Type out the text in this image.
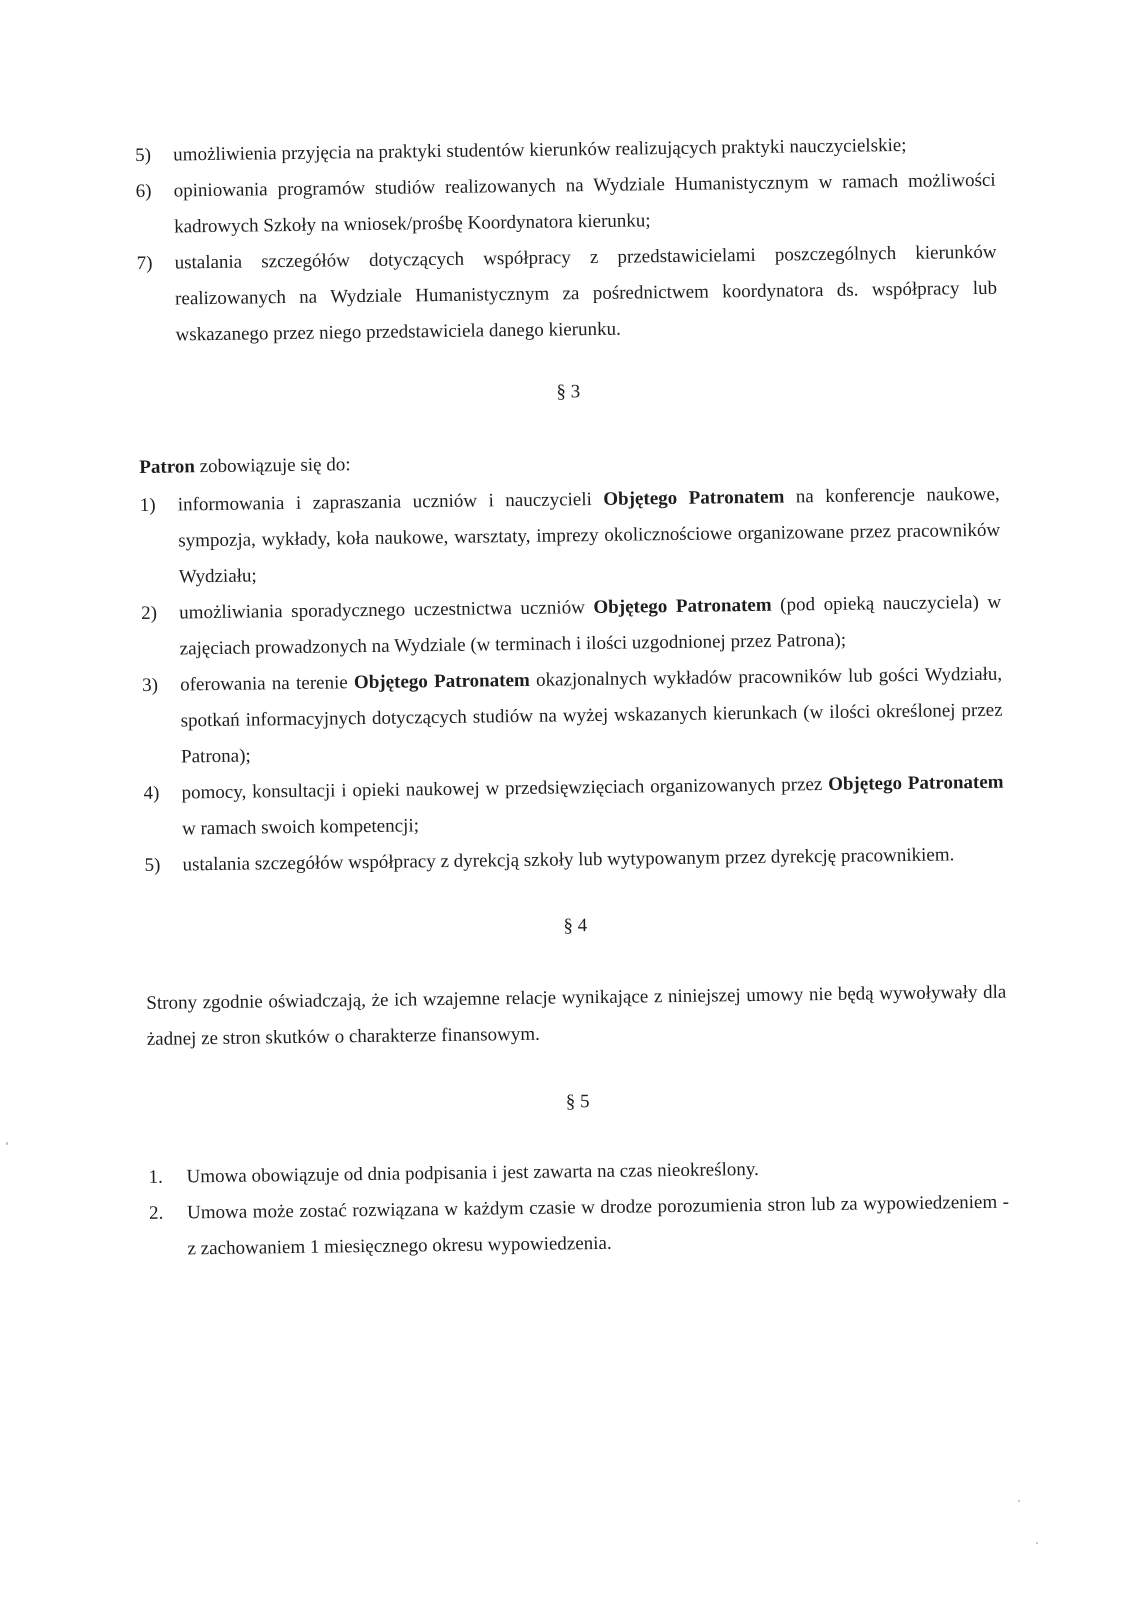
5)	umożliwienia przyjęcia na praktyki studentów kierunków realizujących praktyki nauczycielskie;
6)	opiniowania programów studiów realizowanych na Wydziale Humanistycznym w ramach możliwości kadrowych Szkoły na wniosek/prośbę Koordynatora kierunku;
7)	ustalania szczegółów dotyczących współpracy z przedstawicielami poszczególnych kierunków realizowanych na Wydziale Humanistycznym za pośrednictwem koordynatora ds. współpracy lub wskazanego przez niego przedstawiciela danego kierunku.

§ 3

Patron zobowiązuje się do:

1)	informowania i zapraszania uczniów i nauczycieli Objętego Patronatem na konferencje naukowe, sympozja, wykłady, koła naukowe, warsztaty, imprezy okolicznościowe organizowane przez pracowników Wydziału;
2)	umożliwiania sporadycznego uczestnictwa uczniów Objętego Patronatem (pod opieką nauczyciela) w zajęciach prowadzonych na Wydziale (w terminach i ilości uzgodnionej przez Patrona);
3)	oferowania na terenie Objętego Patronatem okazjonalnych wykładów pracowników lub gości Wydziału, spotkań informacyjnych dotyczących studiów na wyżej wskazanych kierunkach (w ilości określonej przez Patrona);
4)	pomocy, konsultacji i opieki naukowej w przedsięwzięciach organizowanych przez Objętego Patronatem w ramach swoich kompetencji;
5)	ustalania szczegółów współpracy z dyrekcją szkoły lub wytypowanym przez dyrekcję pracownikiem.

§ 4

Strony zgodnie oświadczają, że ich wzajemne relacje wynikające z niniejszej umowy nie będą wywoływały dla żadnej ze stron skutków o charakterze finansowym.

§ 5

1.	Umowa obowiązuje od dnia podpisania i jest zawarta na czas nieokreślony.
2.	Umowa może zostać rozwiązana w każdym czasie w drodze porozumienia stron lub za wypowiedzeniem - z zachowaniem 1 miesięcznego okresu wypowiedzenia.
